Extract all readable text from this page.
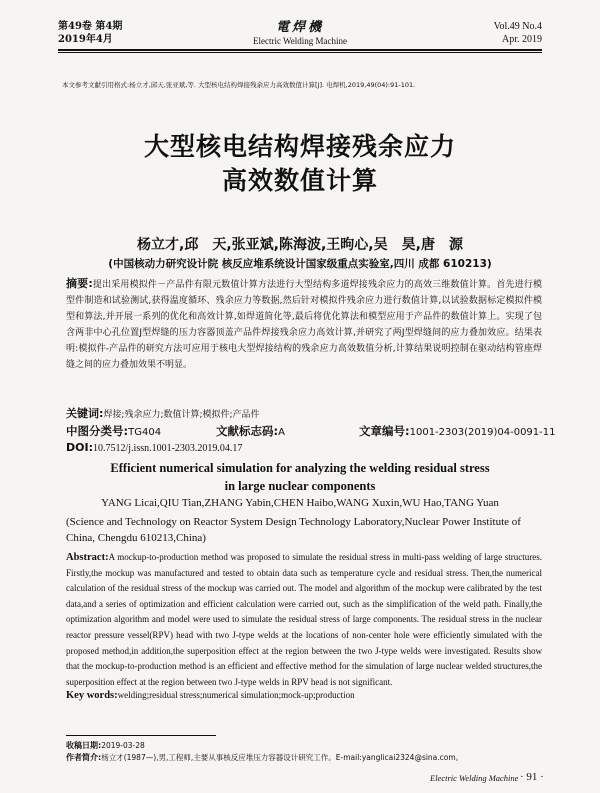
第49卷 第4期
2019年4月
電焊機
Electric Welding Machine
Vol.49 No.4
Apr. 2019
本文参考文献引用格式:杨立才,邱天,张亚斌,等. 大型核电结构焊接残余应力高效数值计算[J]. 电焊机,2019,49(04):91-101.
大型核电结构焊接残余应力
高效数值计算
杨立才,邱　天,张亚斌,陈海波,王昫心,吴　昊,唐　源
(中国核动力研究设计院 核反应堆系统设计国家级重点实验室,四川 成都 610213)
摘要:提出采用模拟件－产品件有限元数值计算方法进行大型结构多道焊接残余应力的高效三维数值计算。首先进行模型件制造和试验测试,获得温度循环、残余应力等数据,然后针对模拟件残余应力进行数值计算,以试验数据标定模拟件模型和算法,并开展一系列的优化和高效计算,如焊道简化等,最后将优化算法和模型应用于产品件的数值计算上。实现了包含两非中心孔位置J型焊缝的压力容器顶盖产品件焊接残余应力高效计算,并研究了两J型焊缝间的应力叠加效应。结果表明:模拟件-产品件的研究方法可应用于核电大型焊接结构的残余应力高效数值分析,计算结果说明控制在驱动结构管座焊缝之间的应力叠加效果不明显。
关键词:焊接;残余应力;数值计算;模拟件;产品件
中图分类号:TG404	文献标志码:A	文章编号:1001-2303(2019)04-0091-11
DOI:10.7512/j.issn.1001-2303.2019.04.17
Efficient numerical simulation for analyzing the welding residual stress
in large nuclear components
YANG Licai,QIU Tian,ZHANG Yabin,CHEN Haibo,WANG Xuxin,WU Hao,TANG Yuan
(Science and Technology on Reactor System Design Technology Laboratory,Nuclear Power Institute of China, Chengdu 610213,China)
Abstract:A mockup-to-production method was proposed to simulate the residual stress in multi-pass welding of large structures. Firstly,the mockup was manufactured and tested to obtain data such as temperature cycle and residual stress. Then,the numerical calculation of the residual stress of the mockup was carried out. The model and algorithm of the mockup were calibrated by the test data,and a series of optimization and efficient calculation were carried out, such as the simplification of the weld path. Finally,the optimization algorithm and model were used to simulate the residual stress of large components. The residual stress in the nuclear reactor pressure vessel(RPV) head with two J-type welds at the locations of non-center hole were efficiently simulated with the proposed method,in addition,the superposition effect at the region between the two J-type welds were investigated. Results show that the mockup-to-production method is an efficient and effective method for the simulation of large nuclear welded structures,the superposition effect at the region between two J-type welds in RPV head is not significant.
Key words:welding;residual stress;numerical simulation;mock-up;production
收稿日期:2019-03-28
作者简介:杨立才(1987—),男,工程师,主要从事核反应堆压力容器设计研究工作。E-mail:yanglicai2324@sina.com。
Electric Welding Machine · 91 ·
